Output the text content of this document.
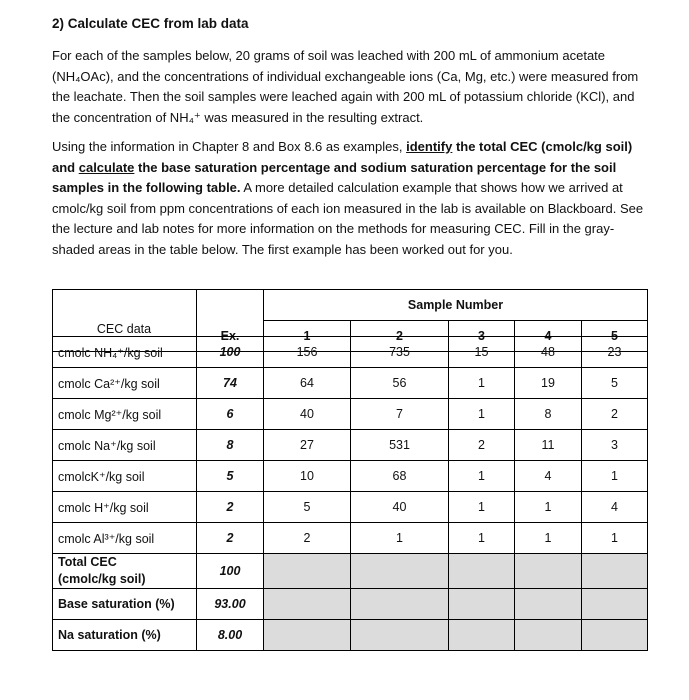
2) Calculate CEC from lab data
For each of the samples below, 20 grams of soil was leached with 200 mL of ammonium acetate (NH₄OAc), and the concentrations of individual exchangeable ions (Ca, Mg, etc.) were measured from the leachate. Then the soil samples were leached again with 200 mL of potassium chloride (KCl), and the concentration of NH₄⁺ was measured in the resulting extract.
Using the information in Chapter 8 and Box 8.6 as examples, identify the total CEC (cmolc/kg soil) and calculate the base saturation percentage and sodium saturation percentage for the soil samples in the following table. A more detailed calculation example that shows how we arrived at cmolc/kg soil from ppm concentrations of each ion measured in the lab is available on Blackboard. See the lecture and lab notes for more information on the methods for measuring CEC. Fill in the gray-shaded areas in the table below. The first example has been worked out for you.
		Sample Number				
	Ex.	1	2	3	4	5
cmolc NH₄⁺/kg soil	100	156	735	15	48	23
cmolc Ca²⁺/kg soil	74	64	56	1	19	5
cmolc Mg²⁺/kg soil	6	40	7	1	8	2
cmolc Na⁺/kg soil	8	27	531	2	11	3
cmolcK⁺/kg soil	5	10	68	1	4	1
cmolc H⁺/kg soil	2	5	40	1	1	4
cmolc Al³⁺/kg soil	2	2	1	1	1	1
Total CEC
(cmolc/kg soil)	100					
Base saturation (%)	93.00					
Na saturation (%)	8.00					
CEC data
